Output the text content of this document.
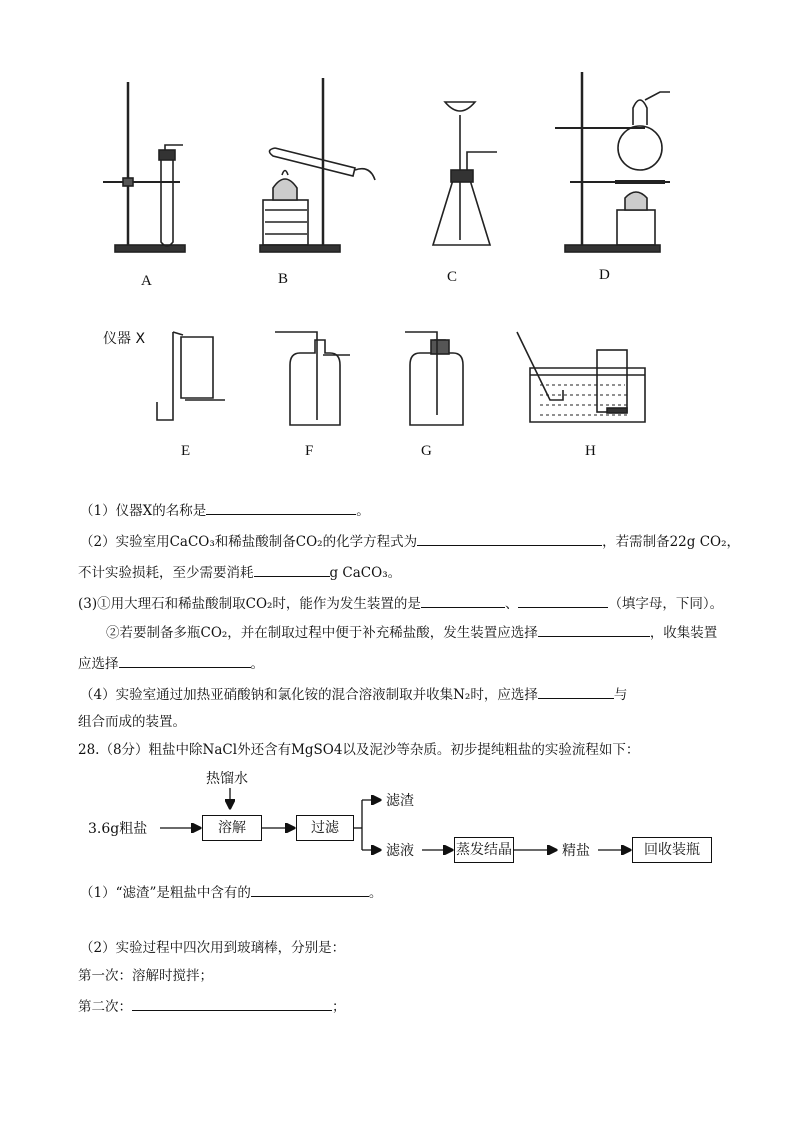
A	B	C	D
仪器 X
E	F	G	H
（1）仪器X的名称是	。
（2）实验室用CaCO₃和稀盐酸制备CO₂的化学方程式为	，若需制备22g CO₂，
不计实验损耗，至少需要消耗	g CaCO₃。
(3)①用大理石和稀盐酸制取CO₂时，能作为发生装置的是	、	（填字母，下同）。
②若要制备多瓶CO₂，并在制取过程中便于补充稀盐酸，发生装置应选择	，收集装置
应选择	。
（4）实验室通过加热亚硝酸钠和氯化铵的混合溶液制取并收集N₂时，应选择	与
组合而成的装置。
28.（8分）粗盐中除NaCl外还含有MgSO4以及泥沙等杂质。初步提纯粗盐的实验流程如下：
3.6g粗盐
热馏水
溶解	过滤
滤渣
滤液	蒸发结晶	精盐	回收装瓶
（1）“滤渣”是粗盐中含有的	。
（2）实验过程中四次用到玻璃棒，分别是：
第一次：溶解时搅拌；
第二次：	；
